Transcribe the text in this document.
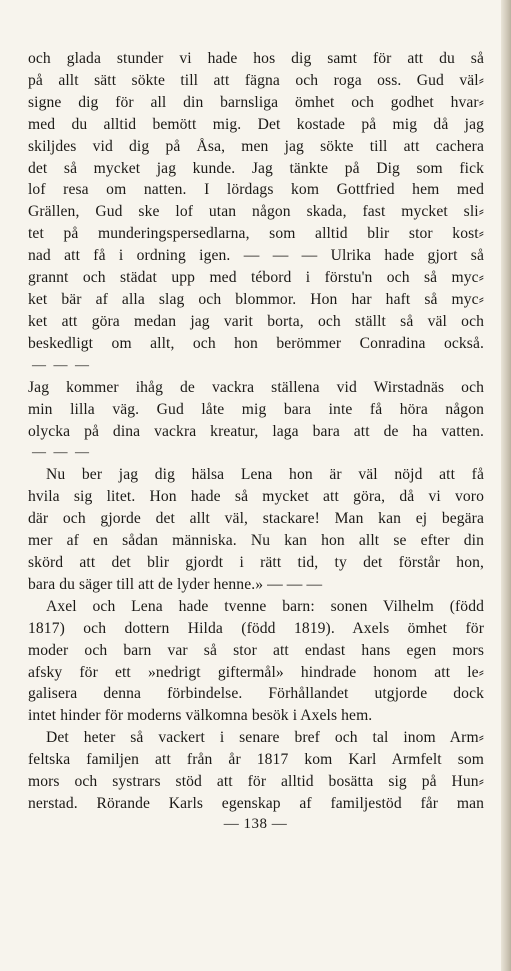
och glada stunder vi hade hos dig samt för att du så
på allt sätt sökte till att fägna och roga oss. Gud väl⸗
signe dig för all din barnsliga ömhet och godhet hvar⸗
med du alltid bemött mig. Det kostade på mig då jag
skiljdes vid dig på Åsa, men jag sökte till att cachera
det så mycket jag kunde. Jag tänkte på Dig som fick
lof resa om natten. I lördags kom Gottfried hem med
Grällen, Gud ske lof utan någon skada, fast mycket sli⸗
tet på munderingspersedlarna, som alltid blir stor kost⸗
nad att få i ordning igen. — — — Ulrika hade gjort så
grannt och städat upp med tébord i förstu'n och så myc⸗
ket bär af alla slag och blommor. Hon har haft så myc⸗
ket att göra medan jag varit borta, och ställt så väl och
beskedligt om allt, och hon berömmer Conradina också.
— — —
Jag kommer ihåg de vackra ställena vid Wirstadnäs och
min lilla väg. Gud låte mig bara inte få höra någon
olycka på dina vackra kreatur, laga bara att de ha vatten.
— — —
Nu ber jag dig hälsa Lena hon är väl nöjd att få
hvila sig litet. Hon hade så mycket att göra, då vi voro
där och gjorde det allt väl, stackare! Man kan ej begära
mer af en sådan människa. Nu kan hon allt se efter din
skörd att det blir gjordt i rätt tid, ty det förstår hon,
bara du säger till att de lyder henne.» — — —
Axel och Lena hade tvenne barn: sonen Vilhelm (född
1817) och dottern Hilda (född 1819). Axels ömhet för
moder och barn var så stor att endast hans egen mors
afsky för ett »nedrigt giftermål» hindrade honom att le⸗
galisera denna förbindelse. Förhållandet utgjorde dock
intet hinder för moderns välkomna besök i Axels hem.
Det heter så vackert i senare bref och tal inom Arm⸗
feltska familjen att från år 1817 kom Karl Armfelt som
mors och systrars stöd att för alltid bosätta sig på Hun⸗
nerstad. Rörande Karls egenskap af familjestöd får man
— 138 —
